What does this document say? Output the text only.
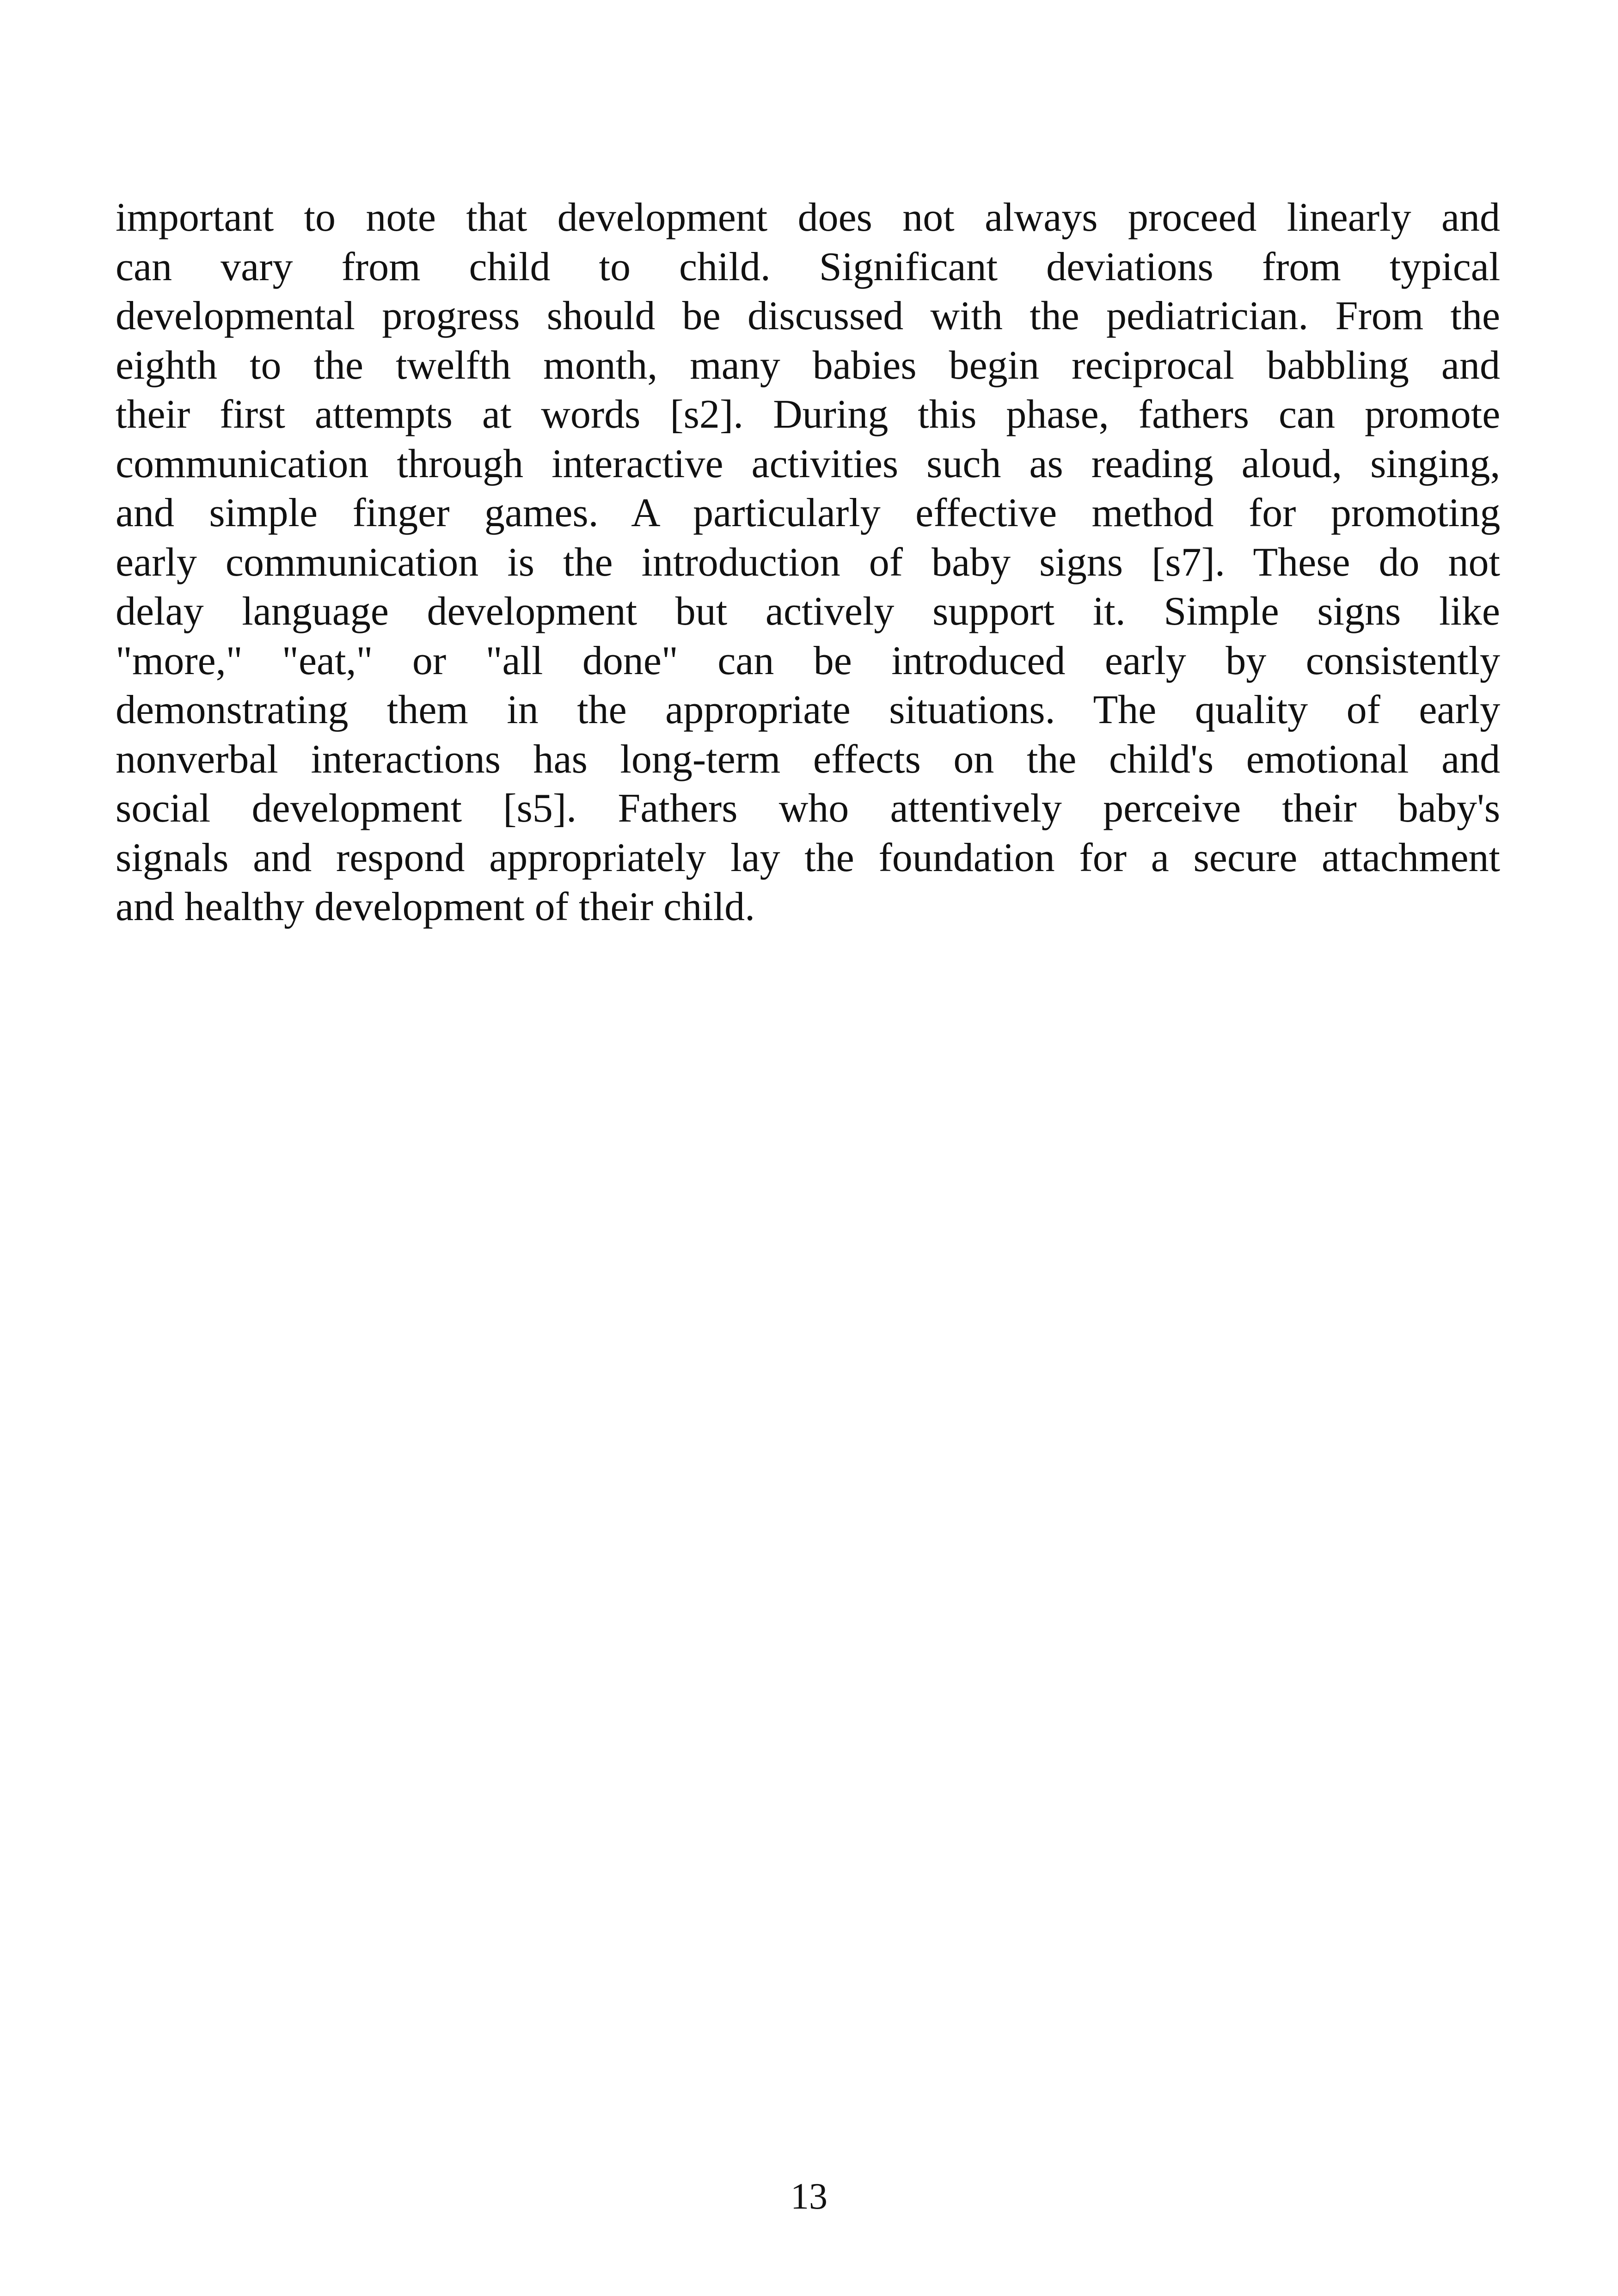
important to note that development does not always proceed linearly and
can vary from child to child. Significant deviations from typical
developmental progress should be discussed with the pediatrician. From the
eighth to the twelfth month, many babies begin reciprocal babbling and
their first attempts at words [s2]. During this phase, fathers can promote
communication through interactive activities such as reading aloud, singing,
and simple finger games. A particularly effective method for promoting
early communication is the introduction of baby signs [s7]. These do not
delay language development but actively support it. Simple signs like
"more," "eat," or "all done" can be introduced early by consistently
demonstrating them in the appropriate situations. The quality of early
nonverbal interactions has long-term effects on the child's emotional and
social development [s5]. Fathers who attentively perceive their baby's
signals and respond appropriately lay the foundation for a secure attachment
and healthy development of their child.
13
